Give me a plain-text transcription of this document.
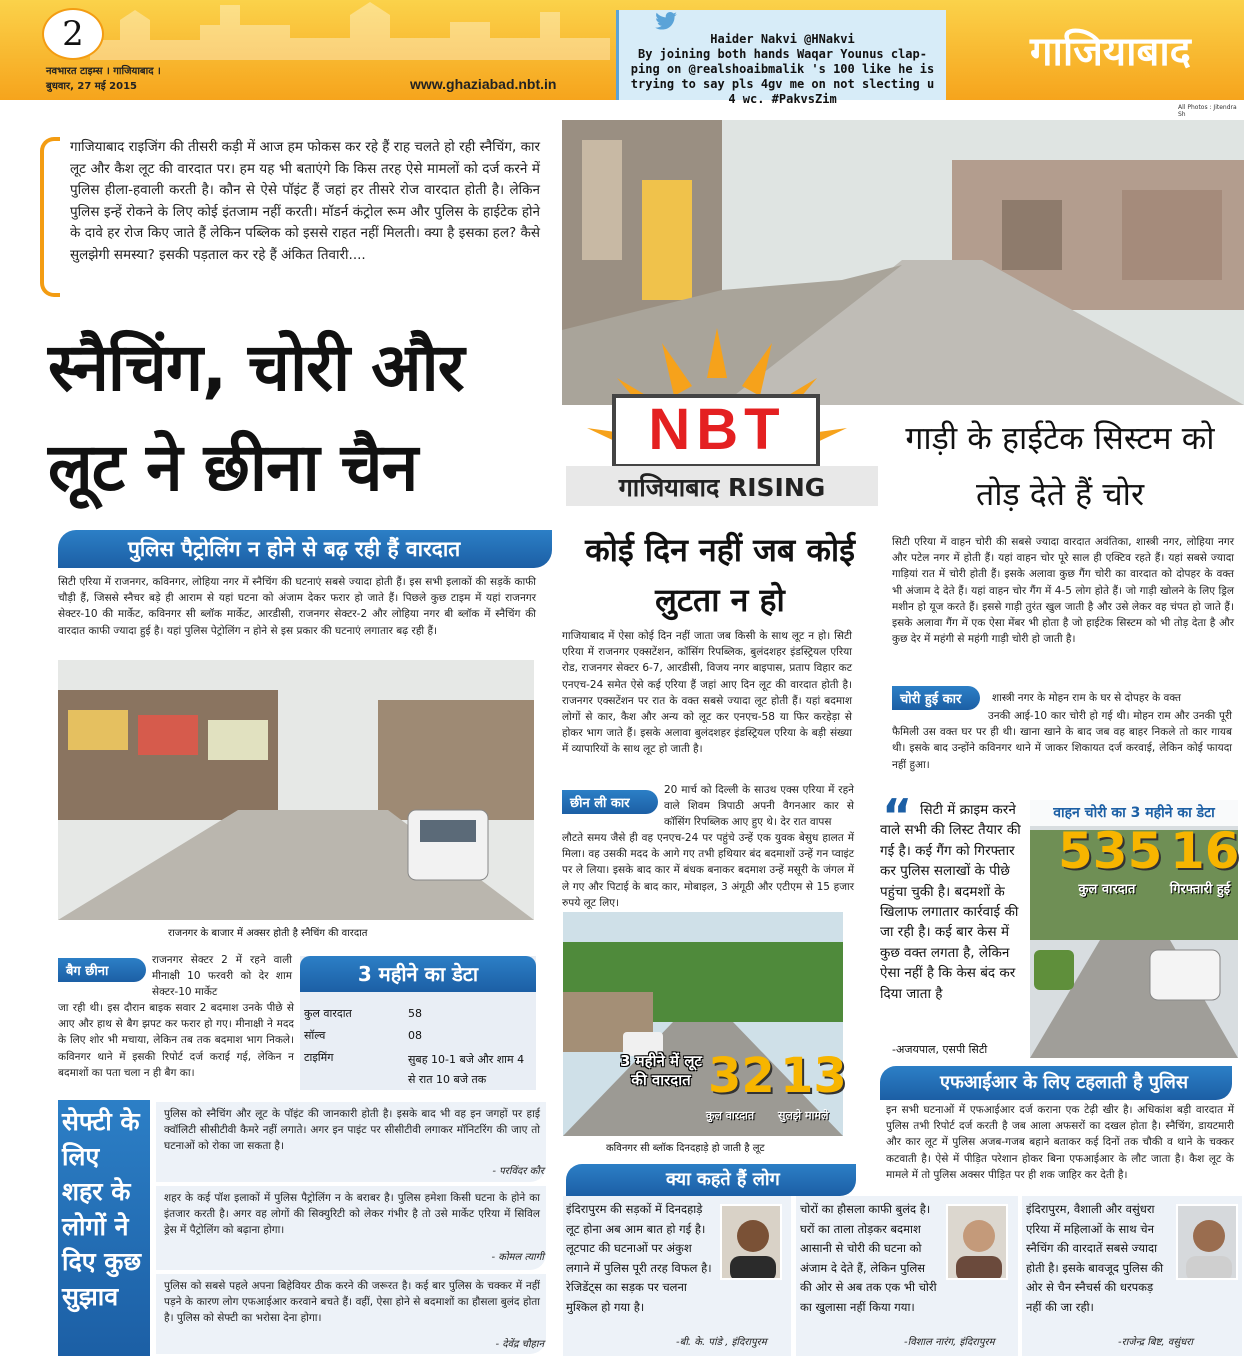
2
नवभारत टाइम्स । गाजियाबाद ।
बुधवार, 27 मई 2015	www.ghaziabad.nbt.in
Haider Nakvi @HNakvi
By joining both hands Waqar Younus clap-ping on @realshoaibmalik 's 100 like he is trying to say pls 4gv me on not slecting u 4 wc. #PakvsZim
गाजियाबाद
All Photos : Jitendra Sh
गाजियाबाद राइजिंग की तीसरी कड़ी में आज हम फोकस कर रहे हैं राह चलते हो रही स्नैचिंग, कार लूट और कैश लूट की वारदात पर। हम यह भी बताएंगे कि किस तरह ऐसे मामलों को दर्ज करने में पुलिस हीला-हवाली करती है। कौन से ऐसे पॉइंट हैं जहां हर तीसरे रोज वारदात होती है। लेकिन पुलिस इन्हें रोकने के लिए कोई इंतजाम नहीं करती। मॉडर्न कंट्रोल रूम और पुलिस के हाईटेक होने के दावे हर रोज किए जाते हैं लेकिन पब्लिक को इससे राहत नहीं मिलती। क्या है इसका हल? कैसे सुलझेगी समस्या? इसकी पड़ताल कर रहे हैं अंकित तिवारी....
स्नैचिंग, चोरी और लूट ने छीना चैन	NBT
गाजियाबाद RISING
पुलिस पैट्रोलिंग न होने से बढ़ रही हैं वारदात
सिटी एरिया में राजनगर, कविनगर, लोहिया नगर में स्नैचिंग की घटनाएं सबसे ज्यादा होती हैं। इस सभी इलाकों की सड़कें काफी चौड़ी हैं, जिससे स्नैचर बड़े ही आराम से यहां घटना को अंजाम देकर फरार हो जाते हैं। पिछले कुछ टाइम में यहां राजनगर सेक्टर-10 की मार्केट, कविनगर सी ब्लॉक मार्केट, आरडीसी, राजनगर सेक्टर-2 और लोहिया नगर बी ब्लॉक में स्नैचिंग की वारदात काफी ज्यादा हुई है। यहां पुलिस पेट्रोलिंग न होने से इस प्रकार की घटनाएं लगातार बढ़ रही हैं।
राजनगर के बाजार में अक्सर होती है स्नैचिंग की वारदात
बैग छीना
राजनगर सेक्टर 2 में रहने वाली मीनाक्षी 10 फरवरी को देर शाम सेक्टर-10 मार्केट
जा रही थी। इस दौरान बाइक सवार 2 बदमाश उनके पीछे से आए और हाथ से बैग झपट कर फरार हो गए। मीनाक्षी ने मदद के लिए शोर भी मचाया, लेकिन तब तक बदमाश भाग निकले। कविनगर थाने में इसकी रिपोर्ट दर्ज कराई गई, लेकिन न बदमाशों का पता चला न ही बैग का।
3 महीने का डेटा
कुल वारदात	58
सॉल्व	08
टाइमिंग	सुबह 10-1 बजे और शाम 4 से रात 10 बजे तक
कोई दिन नहीं जब कोई लुटता न हो
गाजियाबाद में ऐसा कोई दिन नहीं जाता जब किसी के साथ लूट न हो। सिटी एरिया में राजनगर एक्सटेंशन, कॉसिंग रिपब्लिक, बुलंदशहर इंडस्ट्रियल एरिया रोड, राजनगर सेक्टर 6-7, आरडीसी, विजय नगर बाइपास, प्रताप विहार कट एनएच-24 समेत ऐसे कई एरिया हैं जहां आए दिन लूट की वारदात होती है। राजनगर एक्सटेंशन पर रात के वक्त सबसे ज्यादा लूट होती हैं। यहां बदमाश लोगों से कार, कैश और अन्य को लूट कर एनएच-58 या फिर करहेड़ा से होकर भाग जाते हैं। इसके अलावा बुलंदशहर इंडस्ट्रियल एरिया के बड़ी संख्या में व्यापारियों के साथ लूट हो जाती है।
छीन ली कार
20 मार्च को दिल्ली के साउथ एक्स एरिया में रहने वाले शिवम त्रिपाठी अपनी वैगनआर कार से कॉसिंग रिपब्लिक आए हुए थे। देर रात वापस
लौटते समय जैसे ही वह एनएच-24 पर पहुंचे उन्हें एक युवक बेसुध हालत में मिला। वह उसकी मदद के आगे गए तभी हथियार बंद बदमाशों उन्हें गन प्वाइंट पर ले लिया। इसके बाद कार में बंधक बनाकर बदमाश उन्हें मसूरी के जंगल में ले गए और पिटाई के बाद कार, मोबाइल, 3 अंगूठी और एटीएम से 15 हजार रुपये लूट लिए।
3 महीने में लूट की वारदात 32 13
कुल वारदात सुलझे मामले
कविनगर सी ब्लॉक दिनदहाड़े हो जाती है लूट
गाड़ी के हाईटेक सिस्टम को तोड़ देते हैं चोर
सिटी एरिया में वाहन चोरी की सबसे ज्यादा वारदात अवंतिका, शास्त्री नगर, लोहिया नगर और पटेल नगर में होती हैं। यहां वाहन चोर पूरे साल ही एक्टिव रहते हैं। यहां सबसे ज्यादा गाड़ियां रात में चोरी होती हैं। इसके अलावा कुछ गैंग चोरी का वारदात को दोपहर के वक्त भी अंजाम दे देते हैं। यहां वाहन चोर गैंग में 4-5 लोग होते हैं। जो गाड़ी खोलने के लिए ड्रिल मशीन हो यूज करते हैं। इससे गाड़ी तुरंत खुल जाती है और उसे लेकर वह चंपत हो जाते हैं। इसके अलावा गैंग में एक ऐसा मेंबर भी होता है जो हाईटेक सिस्टम को भी तोड़ देता है और कुछ देर में महंगी से महंगी गाड़ी चोरी हो जाती है।
चोरी हुई कार	शास्त्री नगर के मोहन राम के घर से दोपहर के वक्त
उनकी आई-10 कार चोरी हो गई थी। मोहन राम और उनकी पूरी फैमिली उस वक्त घर पर ही थी। खाना खाने के बाद जब वह बाहर निकले तो कार गायब थी। इसके बाद उन्होंने कविनगर थाने में जाकर शिकायत दर्ज करवाई, लेकिन कोई फायदा नहीं हुआ।
“ सिटी में क्राइम करने वाले सभी की लिस्ट तैयार की गई है। कई गैंग को गिरफ्तार कर पुलिस सलाखों के पीछे पहुंचा चुकी है। बदमशों के खिलाफ लगातार कार्रवाई की जा रही है। कई बार केस में कुछ वक्त लगता है, लेकिन ऐसा नहीं है कि केस बंद कर दिया जाता है
-अजयपाल, एसपी सिटी
वाहन चोरी का 3 महीने का डेटा
535 16
कुल वारदात	गिरफ्तारी हुई
एफआईआर के लिए टहलाती है पुलिस
इन सभी घटनाओं में एफआईआर दर्ज कराना एक टेढ़ी खीर है। अधिकांश बड़ी वारदात में पुलिस तभी रिपोर्ट दर्ज करती है जब आला अफसरों का दखल होता है। स्नैचिंग, डायटमारी और कार लूट में पुलिस अजब-गजब बहाने बताकर कई दिनों तक चौकी व थाने के चक्कर कटवाती है। ऐसे में पीड़ित परेशान होकर बिना एफआईआर के लौट जाता है। कैश लूट के मामले में तो पुलिस अक्सर पीड़ित पर ही शक जाहिर कर देती है।
सेफ्टी के लिए शहर के लोगों ने दिए कुछ सुझाव
पुलिस को स्नैचिंग और लूट के पॉइंट की जानकारी होती है। इसके बाद भी वह इन जगहों पर हाई क्वॉलिटी सीसीटीवी कैमरे नहीं लगाते। अगर इन पाइंट पर सीसीटीवी लगाकर मॉनिटरिंग की जाए तो घटनाओं को रोका जा सकता है।
- परविंदर कौर
शहर के कई पॉश इलाकों में पुलिस पैट्रोलिंग न के बराबर है। पुलिस हमेशा किसी घटना के होने का इंतजार करती है। अगर वह लोगों की सिक्युरिटी को लेकर गंभीर है तो उसे मार्केट एरिया में सिविल ड्रेस में पैट्रोलिंग को बढ़ाना होगा।
- कोमल त्यागी
पुलिस को सबसे पहले अपना बिहेवियर ठीक करने की जरूरत है। कई बार पुलिस के चक्कर में नहीं पड़ने के कारण लोग एफआईआर करवाने बचते हैं। वहीं, ऐसा होने से बदमाशों का हौसला बुलंद होता है। पुलिस को सेफ्टी का भरोसा देना होगा।
- देवेंद्र चौहान
क्या कहते हैं लोग
इंदिरापुरम की सड़कों में दिनदहाड़े लूट होना अब आम बात हो गई है। लूटपाट की घटनाओं पर अंकुश लगाने में पुलिस पूरी तरह विफल है। रेजिडेंट्स का सड़क पर चलना मुश्किल हो गया है।
चोरों का हौसला काफी बुलंद है। घरों का ताला तोड़कर बदमाश आसानी से चोरी की घटना को अंजाम दे देते हैं, लेकिन पुलिस की ओर से अब तक एक भी चोरी का खुलासा नहीं किया गया।
इंदिरापुरम, वैशाली और वसुंधरा एरिया में महिलाओं के साथ चेन स्नैचिंग की वारदातें सबसे ज्यादा होती है। इसके बावजूद पुलिस की ओर से चैन स्नैचर्स की धरपकड़ नहीं की जा रही।
-बी. के. पांडे , इंदिरापुरम	-विशाल नारंग, इंदिरापुरम	-राजेन्द्र बिष्ट, वसुंधरा
